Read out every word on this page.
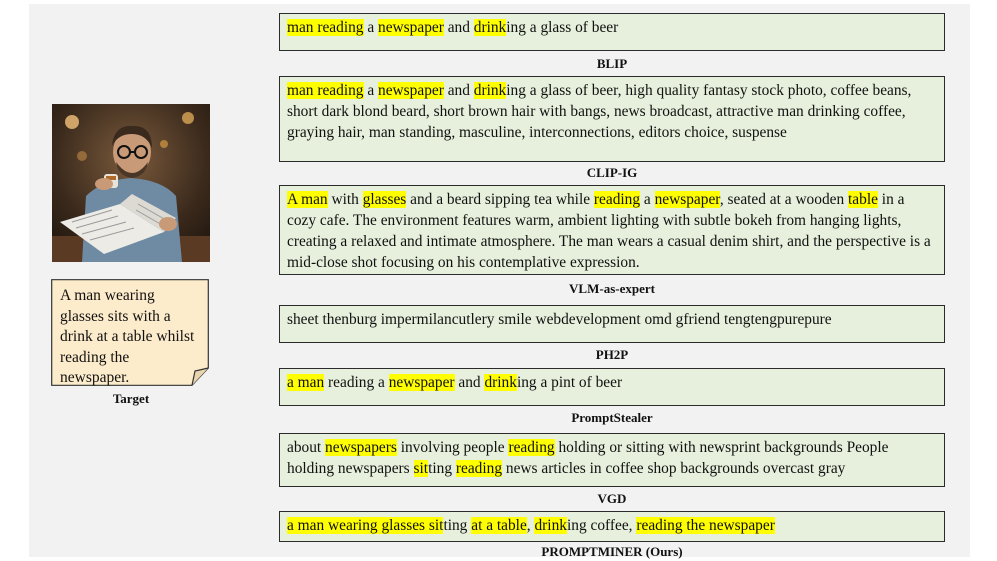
A man wearing glasses sits with a drink at a table whilst reading the newspaper.
Target
man reading a newspaper and drinking a glass of beer
BLIP
man reading a newspaper and drinking a glass of beer, high quality fantasy stock photo, coffee beans, short dark blond beard, short brown hair with bangs, news broadcast, attractive man drinking coffee, graying hair, man standing, masculine, interconnections, editors choice, suspense
CLIP-IG
A man with glasses and a beard sipping tea while reading a newspaper, seated at a wooden table in a cozy cafe. The environment features warm, ambient lighting with subtle bokeh from hanging lights, creating a relaxed and intimate atmosphere. The man wears a casual denim shirt, and the perspective is a mid-close shot focusing on his contemplative expression.
VLM-as-expert
sheet thenburg impermilancutlery smile webdevelopment omd gfriend tengtengpurepure
PH2P
a man reading a newspaper and drinking a pint of beer
PromptStealer
about newspapers involving people reading holding or sitting with newsprint backgrounds People holding newspapers sitting reading news articles in coffee shop backgrounds overcast gray
VGD
a man wearing glasses sitting at a table, drinking coffee, reading the newspaper
PROMPTMINER (Ours)
